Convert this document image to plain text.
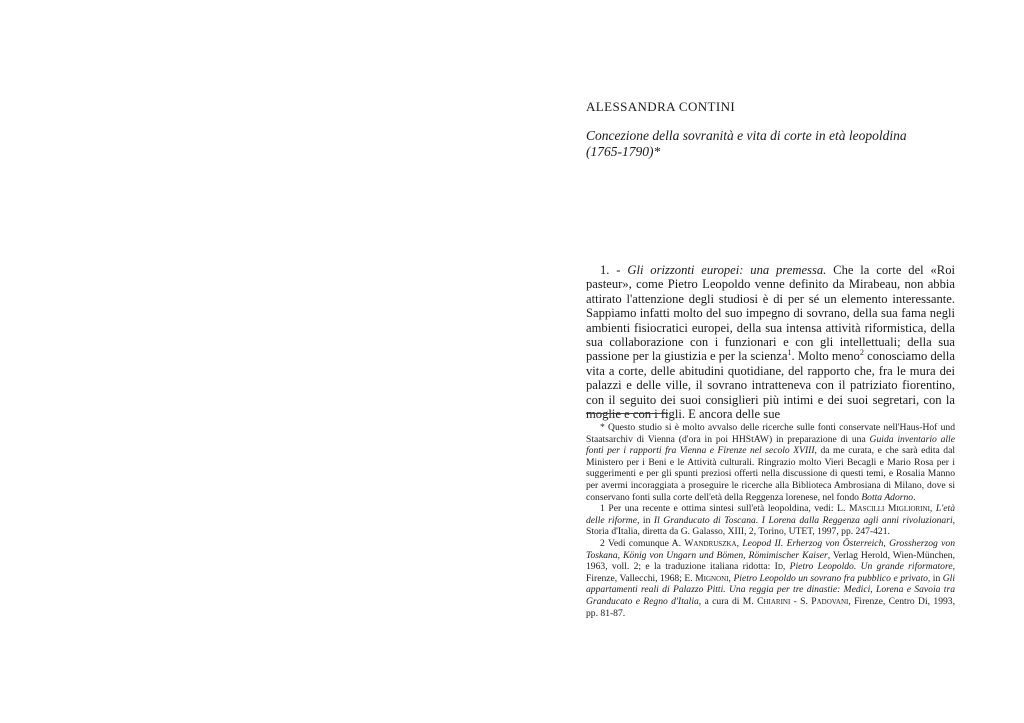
ALESSANDRA CONTINI
Concezione della sovranità e vita di corte in età leopoldina
(1765-1790)*

1. - Gli orizzonti europei: una premessa. Che la corte del «Roi pasteur», come Pietro Leopoldo venne definito da Mirabeau, non abbia attirato l'attenzione degli studiosi è di per sé un elemento interessante. Sappiamo infatti molto del suo impegno di sovrano, della sua fama negli ambienti fisiocratici europei, della sua intensa attività riformistica, della sua collaborazione con i funzionari e con gli intellettuali; della sua passione per la giustizia e per la scienza$^1$. Molto meno$^2$ conosciamo della vita a corte, delle abitudini quotidiane, del rapporto che, fra le mura dei palazzi e delle ville, il sovrano intratteneva con il patriziato fiorentino, con il seguito dei suoi consiglieri più intimi e dei suoi segretari, con la moglie e con i figli. E ancora delle sue

* Questo studio si è molto avvalso delle ricerche sulle fonti conservate nell'Haus-Hof und Staatsarchiv di Vienna (d'ora in poi HHStAW) in preparazione di una Guida inventario alle fonti per i rapporti fra Vienna e Firenze nel secolo XVIII, da me curata, e che sarà edita dal Ministero per i Beni e le Attività culturali. Ringrazio molto Vieri Becagli e Mario Rosa per i suggerimenti e per gli spunti preziosi offerti nella discussione di questi temi, e Rosalia Manno per avermi incoraggiata a proseguire le ricerche alla Biblioteca Ambrosiana di Milano, dove si conservano fonti sulla corte dell'età della Reggenza lorenese, nel fondo Botta Adorno.

1 Per una recente e ottima sintesi sull'età leopoldina, vedi: L. Mascilli Migliorini, L'età delle riforme, in Il Granducato di Toscana. I Lorena dalla Reggenza agli anni rivoluzionari, Storia d'Italia, diretta da G. Galasso, XIII, 2, Torino, UTET, 1997, pp. 247-421.

2 Vedi comunque A. Wandruszka, Leopod II. Erherzog von Österreich, Grossherzog von Toskana, König von Ungarn und Bömen, Römimischer Kaiser, Verlag Herold, Wien-München, 1963, voll. 2; e la traduzione italiana ridotta: Id, Pietro Leopoldo. Un grande riformatore, Firenze, Vallecchi, 1968; E. Mignoni, Pietro Leopoldo un sovrano fra pubblico e privato, in Gli appartamenti reali di Palazzo Pitti. Una reggia per tre dinastie: Medici, Lorena e Savoia tra Granducato e Regno d'Italia, a cura di M. Chiarini - S. Padovani, Firenze, Centro Di, 1993, pp. 81-87.
